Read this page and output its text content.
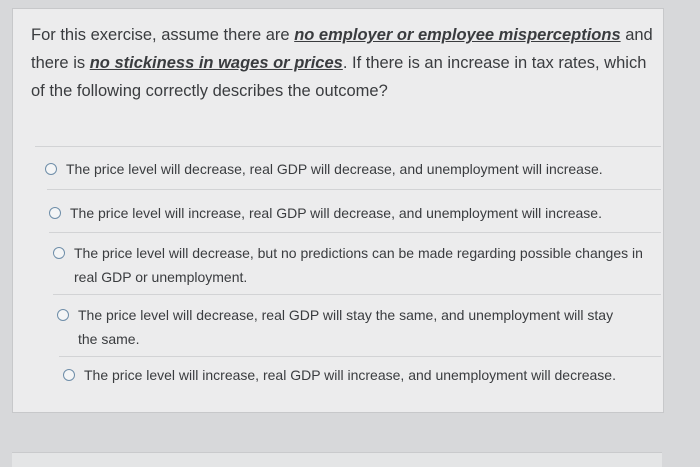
For this exercise, assume there are no employer or employee misperceptions and there is no stickiness in wages or prices. If there is an increase in tax rates, which of the following correctly describes the outcome?
The price level will decrease, real GDP will decrease, and unemployment will increase.
The price level will increase, real GDP will decrease, and unemployment will increase.
The price level will decrease, but no predictions can be made regarding possible changes in real GDP or unemployment.
The price level will decrease, real GDP will stay the same, and unemployment will stay the same.
The price level will increase, real GDP will increase, and unemployment will decrease.
